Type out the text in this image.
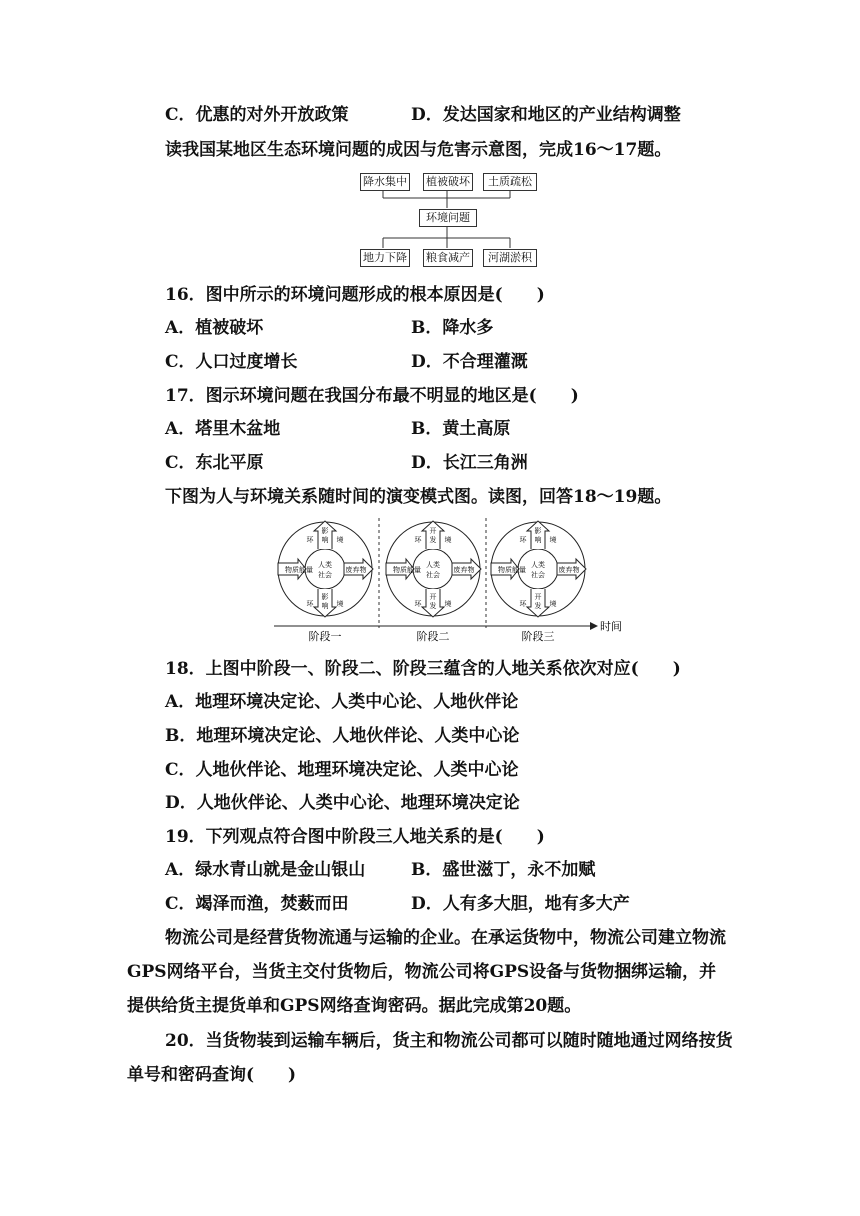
C．优惠的对外开放政策	D．发达国家和地区的产业结构调整
读我国某地区生态环境问题的成因与危害示意图，完成16～17题。
降水集中 植被破坏	土质疏松
环境问题
地力下降 粮食减产	河湖淤积
16．图中所示的环境问题形成的根本原因是(　　)
A．植被破坏	B．降水多
C．人口过度增长	D．不合理灌溉
17．图示环境问题在我国分布最不明显的地区是(　　)
A．塔里木盆地	B．黄土高原
C．东北平原	D．长江三角洲
下图为人与环境关系随时间的演变模式图。读图，回答18～19题。
物质能量	废弃物
人类
社会
影
响
影
响
环	境
环	境
阶段一
物质能量	废弃物
人类
社会
开
发
开
发
环	境
环	境
阶段二
物质能量	废弃物
人类
社会
影
响
开
发
环	境
环	境
阶段三
时间
18．上图中阶段一、阶段二、阶段三蕴含的人地关系依次对应(　　)
A．地理环境决定论、人类中心论、人地伙伴论
B．地理环境决定论、人地伙伴论、人类中心论
C．人地伙伴论、地理环境决定论、人类中心论
D．人地伙伴论、人类中心论、地理环境决定论
19．下列观点符合图中阶段三人地关系的是(　　)
A．绿水青山就是金山银山	B．盛世滋丁，永不加赋
C．竭泽而渔，焚薮而田	D．人有多大胆，地有多大产
物流公司是经营货物流通与运输的企业。在承运货物中，物流公司建立物流
GPS网络平台，当货主交付货物后，物流公司将GPS设备与货物捆绑运输，并
提供给货主提货单和GPS网络查询密码。据此完成第20题。
20．当货物装到运输车辆后，货主和物流公司都可以随时随地通过网络按货
单号和密码查询(　　)
